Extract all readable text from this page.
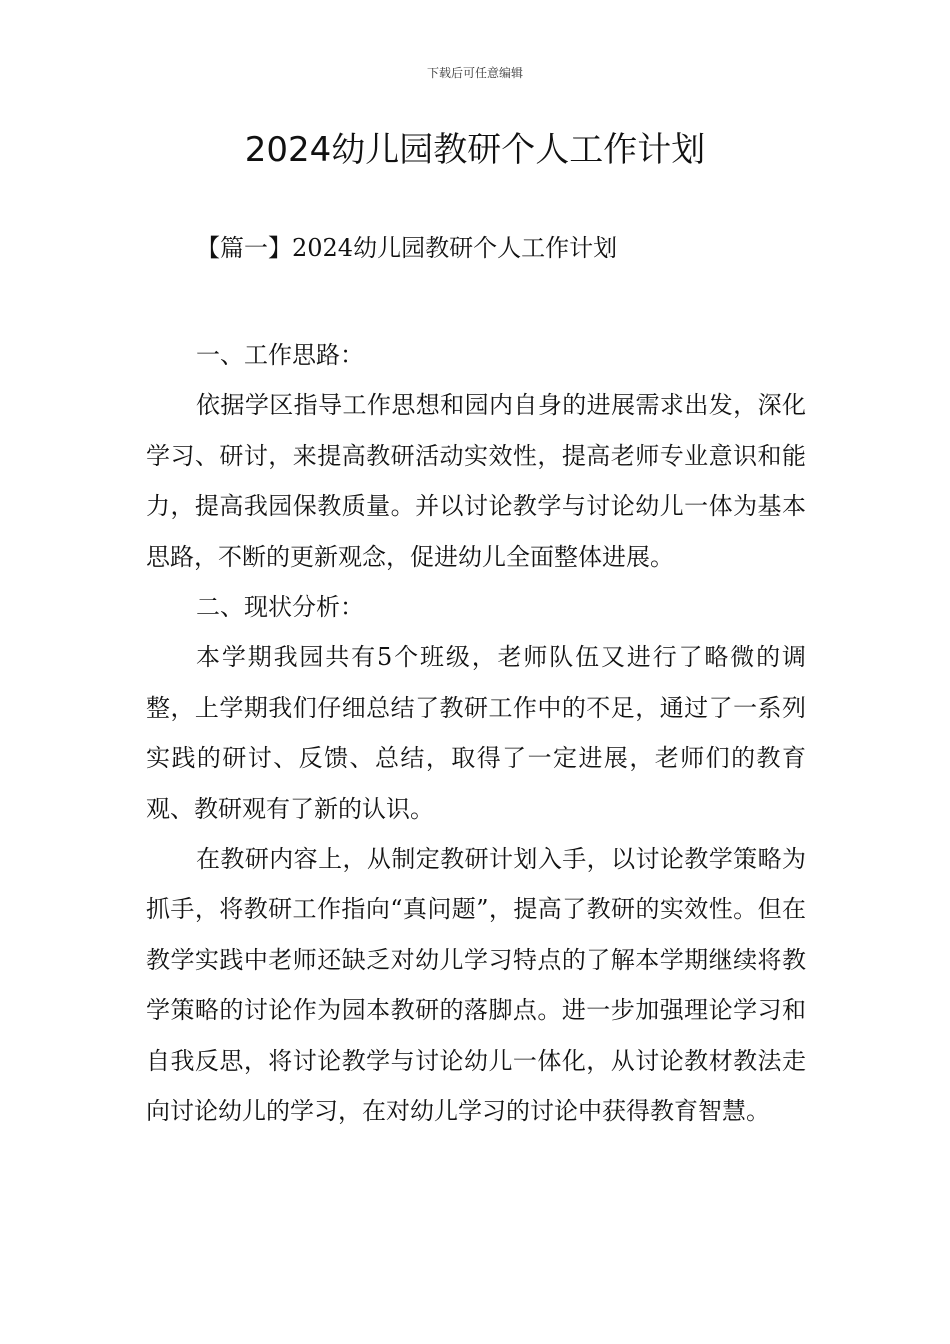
下载后可任意编辑
2024幼儿园教研个人工作计划
【篇一】2024幼儿园教研个人工作计划

一、工作思路：

依据学区指导工作思想和园内自身的进展需求出发，深化学习、研讨，来提高教研活动实效性，提高老师专业意识和能力，提高我园保教质量。并以讨论教学与讨论幼儿一体为基本思路，不断的更新观念，促进幼儿全面整体进展。

二、现状分析：

本学期我园共有5个班级，老师队伍又进行了略微的调整，上学期我们仔细总结了教研工作中的不足，通过了一系列实践的研讨、反馈、总结，取得了一定进展，老师们的教育观、教研观有了新的认识。

在教研内容上，从制定教研计划入手，以讨论教学策略为抓手，将教研工作指向“真问题”，提高了教研的实效性。但在教学实践中老师还缺乏对幼儿学习特点的了解本学期继续将教学策略的讨论作为园本教研的落脚点。进一步加强理论学习和自我反思，将讨论教学与讨论幼儿一体化，从讨论教材教法走向讨论幼儿的学习，在对幼儿学习的讨论中获得教育智慧。
